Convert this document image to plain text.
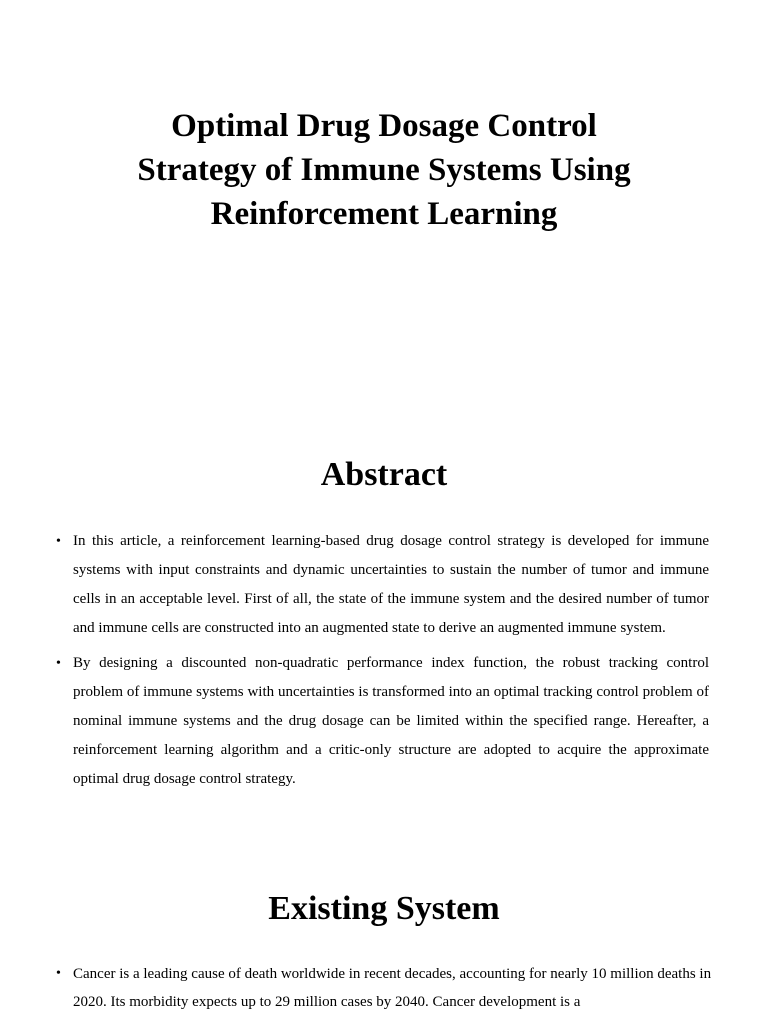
Optimal Drug Dosage Control
Strategy of Immune Systems Using
Reinforcement Learning
Abstract
• In this article, a reinforcement learning-based drug dosage control strategy is developed for immune systems with input constraints and dynamic uncertainties to sustain the number of tumor and immune cells in an acceptable level. First of all, the state of the immune system and the desired number of tumor and immune cells are constructed into an augmented state to derive an augmented immune system.
• By designing a discounted non-quadratic performance index function, the robust tracking control problem of immune systems with uncertainties is transformed into an optimal tracking control problem of nominal immune systems and the drug dosage can be limited within the specified range. Hereafter, a reinforcement learning algorithm and a critic-only structure are adopted to acquire the approximate optimal drug dosage control strategy.
Existing System
• Cancer is a leading cause of death worldwide in recent decades, accounting for nearly 10 million deaths in 2020. Its morbidity expects up to 29 million cases by 2040. Cancer development is a
